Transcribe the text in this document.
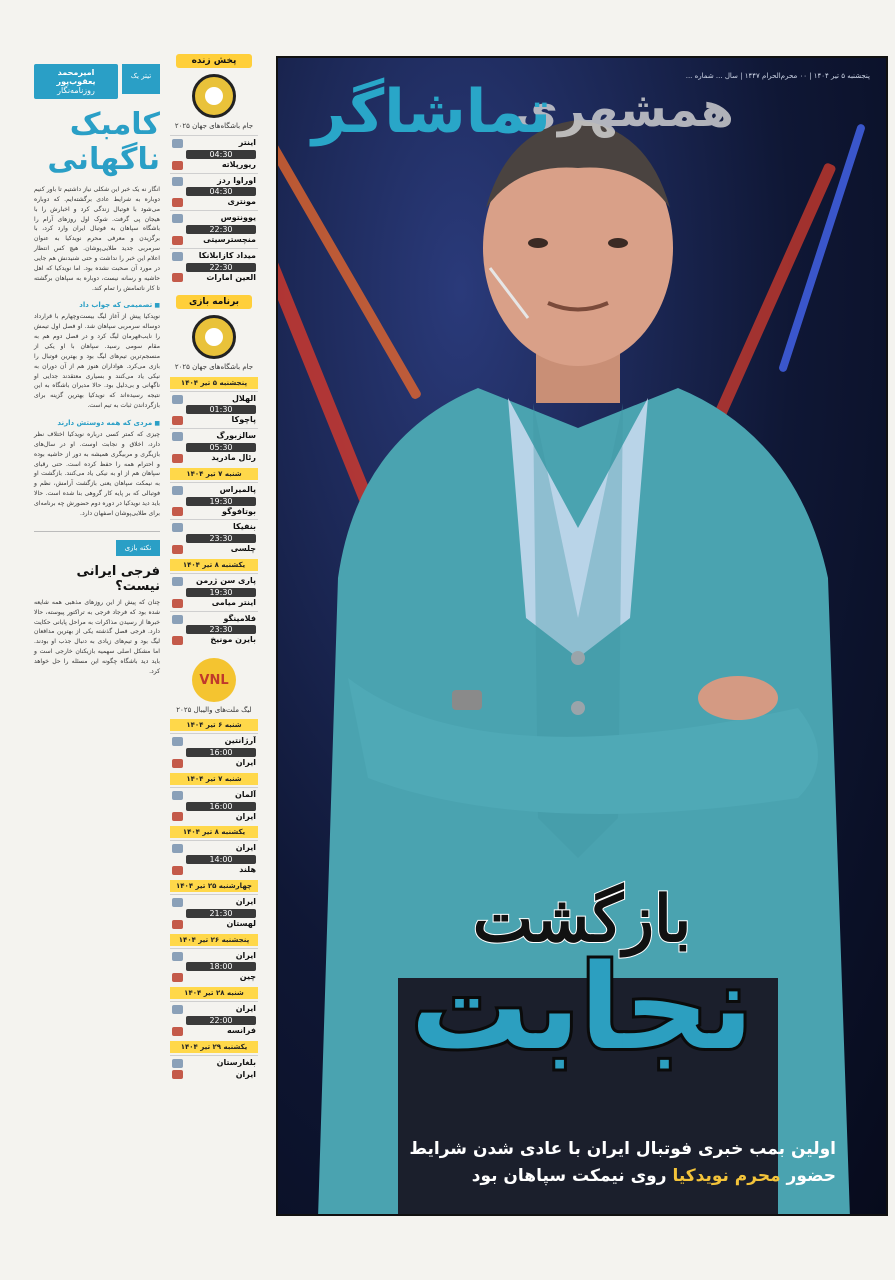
امیرمحمد یعقوب‌پور
روزنامه‌نگار
تیتر یک
کامبک ناگهانی
انگار نه یک خبر این شکلی نیاز داشتیم تا باور کنیم دوباره به شرایط عادی برگشته‌ایم. که دوباره می‌شود با فوتبال زندگی کرد و اخبارش را با هیجان پی گرفت. شوک اول روزهای آرام را باشگاه سپاهان به فوتبال ایران وارد کرد، با برگزیدن و معرفی محرم نویدکیا به عنوان سرمربی جدید طلایی‌پوشان. هیچ کس انتظار اعلام این خبر را نداشت و حتی شنیدنش هم جایی در مورد آن صحبت نشده بود. اما نویدکیا که اهل حاشیه و رسانه نیست، دوباره به سپاهان برگشته تا کار ناتمامش را تمام کند.
■ تصمیمی که جواب داد
نویدکیا پیش از آغاز لیگ بیست‌وچهارم با قرارداد دوساله سرمربی سپاهان شد. او فصل اول تیمش را نایب‌قهرمان لیگ کرد و در فصل دوم هم به مقام سومی رسید. سپاهان با او یکی از منسجم‌ترین تیم‌های لیگ بود و بهترین فوتبال را بازی می‌کرد. هواداران هنوز هم از آن دوران به نیکی یاد می‌کنند و بسیاری معتقدند جدایی او ناگهانی و بی‌دلیل بود. حالا مدیران باشگاه به این نتیجه رسیده‌اند که نویدکیا بهترین گزینه برای بازگرداندن ثبات به تیم است.
■ مردی که همه دوستش دارند
چیزی که کمتر کسی درباره نویدکیا اختلاف نظر دارد، اخلاق و نجابت اوست. او در سال‌های بازیگری و مربیگری همیشه به دور از حاشیه بوده و احترام همه را حفظ کرده است. حتی رقبای سپاهان هم از او به نیکی یاد می‌کنند. بازگشت او به نیمکت سپاهان یعنی بازگشت آرامش، نظم و فوتبالی که بر پایه کار گروهی بنا شده است. حالا باید دید نویدکیا در دوره دوم حضورش چه برنامه‌ای برای طلایی‌پوشان اصفهان دارد.
نکته بازی
فرجی ایرانی نیست؟
چنان که پیش از این روزهای مذهبی همه شایعه شده بود که فرجاد فرجی به تراکتور پیوسته، حالا خبرها از رسیدن مذاکرات به مراحل پایانی حکایت دارد. فرجی فصل گذشته یکی از بهترین مدافعان لیگ بود و تیم‌های زیادی به دنبال جذب او بودند. اما مشکل اصلی سهمیه بازیکنان خارجی است و باید دید باشگاه چگونه این مسئله را حل خواهد کرد.
پخش زنده
جام باشگاه‌های جهان ۲۰۲۵
اینتر
04:30
ریورپلاته
اوراوا ردز
04:30
مونتری
یوونتوس
22:30
منچسترسیتی
میداد کازابلانکا
22:30
العین امارات
برنامه بازی
جام باشگاه‌های جهان ۲۰۲۵
پنجشنبه ۵ تیر ۱۴۰۴
الهلال
01:30
پاچوکا
سالزبورگ
05:30
رئال مادرید
شنبه ۷ تیر ۱۴۰۴
پالمیراس
19:30
بوتافوگو
بنفیکا
23:30
چلسی
یکشنبه ۸ تیر ۱۴۰۴
پاری سن ژرمن
19:30
اینتر میامی
فلامینگو
23:30
بایرن مونیخ
VNL
لیگ ملت‌های والیبال ۲۰۲۵
شنبه ۶ تیر ۱۴۰۴
آرژانتین
16:00
ایران
شنبه ۷ تیر ۱۴۰۴
آلمان
16:00
ایران
یکشنبه ۸ تیر ۱۴۰۴
ایران
14:00
هلند
چهارشنبه ۲۵ تیر ۱۴۰۴
ایران
21:30
لهستان
پنجشنبه ۲۶ تیر ۱۴۰۴
ایران
18:00
چین
شنبه ۲۸ تیر ۱۴۰۴
ایران
22:00
فرانسه
یکشنبه ۲۹ تیر ۱۴۰۴
بلغارستان
ایران
پنجشنبه ۵ تیر ۱۴۰۴ | ۰۰ محرم‌الحرام ۱۴۴۷ | سال ... شماره ...
همشهری
تماشاگر
بازگشت
نجابت
اولین بمب خبری فوتبال ایران با عادی شدن شرایط
حضور محرم نویدکیا روی نیمکت سپاهان بود
